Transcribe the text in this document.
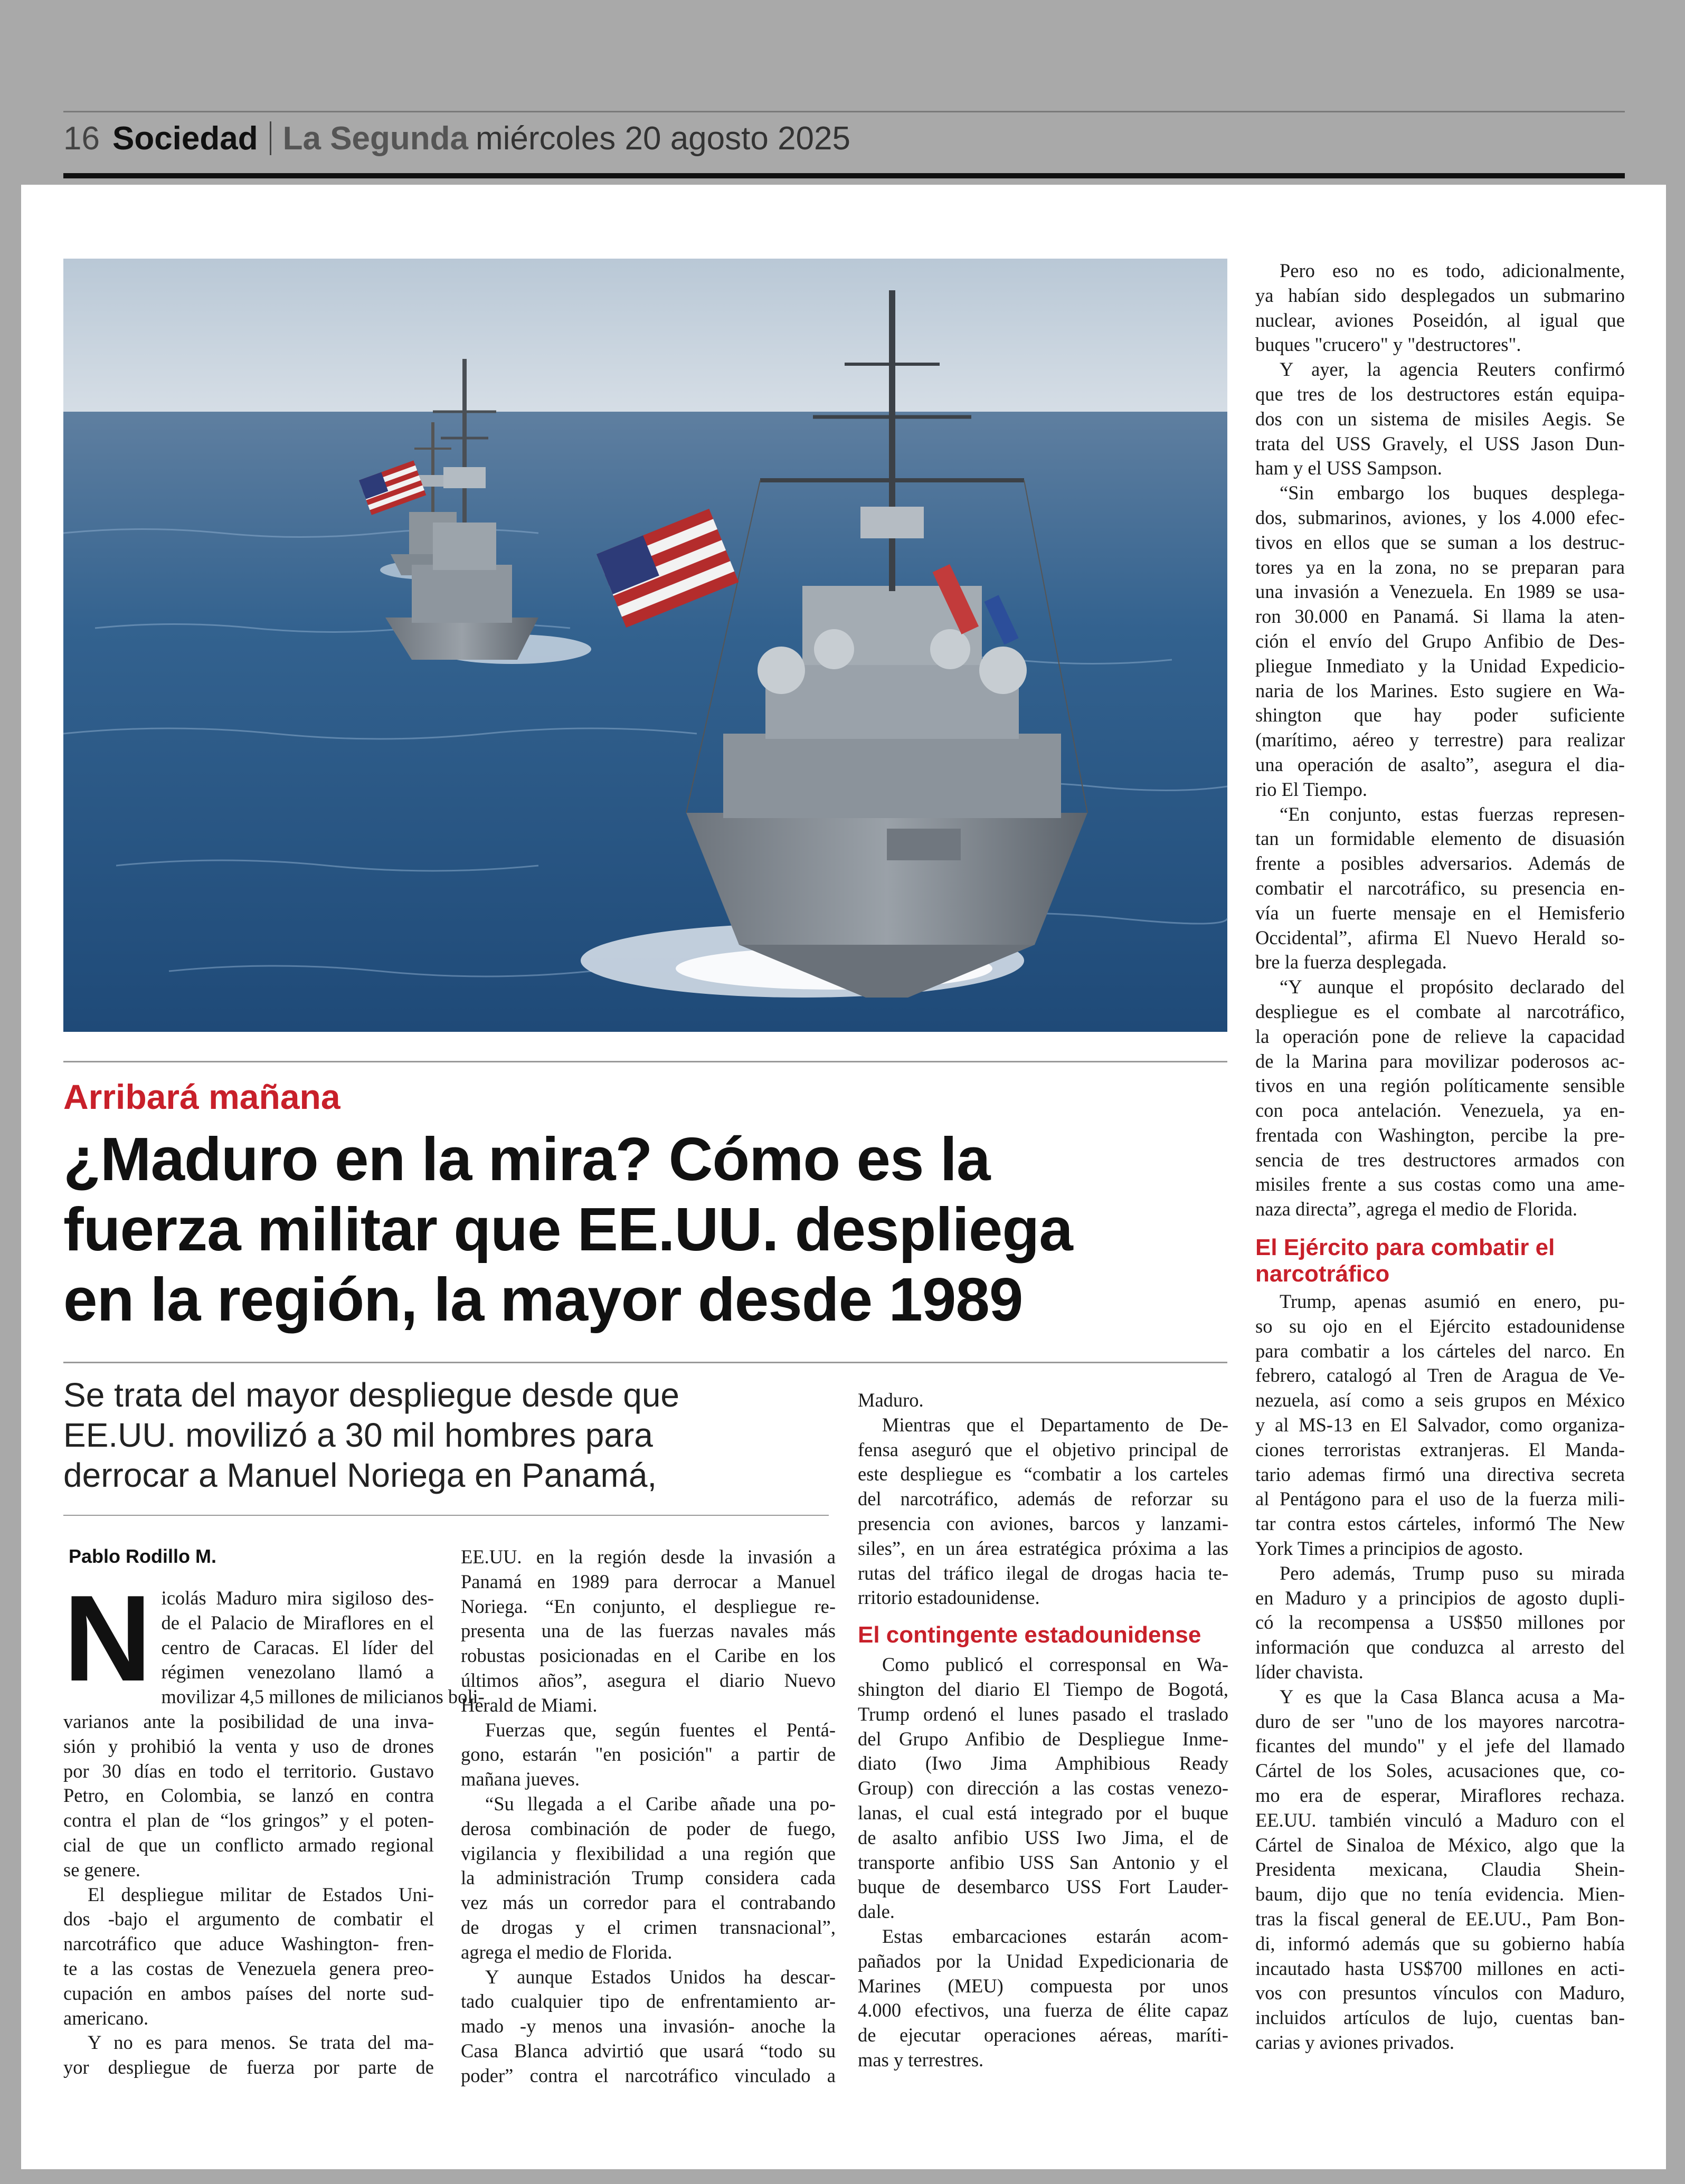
16 Sociedad La Segunda miércoles 20 agosto 2025
Arribará mañana
¿Maduro en la mira? Cómo es la
fuerza militar que EE.UU. despliega
en la región, la mayor desde 1989
Se trata del mayor despliegue desde que
EE.UU. movilizó a 30 mil hombres para
derrocar a Manuel Noriega en Panamá,
Pablo Rodillo M.
N icolás Maduro mira sigiloso des-
de el Palacio de Miraflores en el
centro de Caracas. El líder del
régimen venezolano llamó a
movilizar 4,5 millones de milicianos boli-
varianos ante la posibilidad de una inva-
sión y prohibió la venta y uso de drones
por 30 días en todo el territorio. Gustavo
Petro, en Colombia, se lanzó en contra
contra el plan de “los gringos” y el poten-
cial de que un conflicto armado regional
se genere.
El despliegue militar de Estados Uni-
dos -bajo el argumento de combatir el
narcotráfico que aduce Washington- fren-
te a las costas de Venezuela genera preo-
cupación en ambos países del norte sud-
americano.
Y no es para menos. Se trata del ma-
yor despliegue de fuerza por parte de
EE.UU. en la región desde la invasión a
Panamá en 1989 para derrocar a Manuel
Noriega. “En conjunto, el despliegue re-
presenta una de las fuerzas navales más
robustas posicionadas en el Caribe en los
últimos años”, asegura el diario Nuevo
Herald de Miami.
Fuerzas que, según fuentes el Pentá-
gono, estarán "en posición" a partir de
mañana jueves.
“Su llegada a el Caribe añade una po-
derosa combinación de poder de fuego,
vigilancia y flexibilidad a una región que
la administración Trump considera cada
vez más un corredor para el contrabando
de drogas y el crimen transnacional”,
agrega el medio de Florida.
Y aunque Estados Unidos ha descar-
tado cualquier tipo de enfrentamiento ar-
mado -y menos una invasión- anoche la
Casa Blanca advirtió que usará “todo su
poder” contra el narcotráfico vinculado a
Maduro.
Mientras que el Departamento de De-
fensa aseguró que el objetivo principal de
este despliegue es “combatir a los carteles
del narcotráfico, además de reforzar su
presencia con aviones, barcos y lanzami-
siles”, en un área estratégica próxima a las
rutas del tráfico ilegal de drogas hacia te-
rritorio estadounidense.
El contingente estadounidense
Como publicó el corresponsal en Wa-
shington del diario El Tiempo de Bogotá,
Trump ordenó el lunes pasado el traslado
del Grupo Anfibio de Despliegue Inme-
diato (Iwo Jima Amphibious Ready
Group) con dirección a las costas venezo-
lanas, el cual está integrado por el buque
de asalto anfibio USS Iwo Jima, el de
transporte anfibio USS San Antonio y el
buque de desembarco USS Fort Lauder-
dale.
Estas embarcaciones estarán acom-
pañados por la Unidad Expedicionaria de
Marines (MEU) compuesta por unos
4.000 efectivos, una fuerza de élite capaz
de ejecutar operaciones aéreas, maríti-
mas y terrestres.
Pero eso no es todo, adicionalmente,
ya habían sido desplegados un submarino
nuclear, aviones Poseidón, al igual que
buques "crucero" y "destructores".
Y ayer, la agencia Reuters confirmó
que tres de los destructores están equipa-
dos con un sistema de misiles Aegis. Se
trata del USS Gravely, el USS Jason Dun-
ham y el USS Sampson.
“Sin embargo los buques desplega-
dos, submarinos, aviones, y los 4.000 efec-
tivos en ellos que se suman a los destruc-
tores ya en la zona, no se preparan para
una invasión a Venezuela. En 1989 se usa-
ron 30.000 en Panamá. Si llama la aten-
ción el envío del Grupo Anfibio de Des-
pliegue Inmediato y la Unidad Expedicio-
naria de los Marines. Esto sugiere en Wa-
shington que hay poder suficiente
(marítimo, aéreo y terrestre) para realizar
una operación de asalto”, asegura el dia-
rio El Tiempo.
“En conjunto, estas fuerzas represen-
tan un formidable elemento de disuasión
frente a posibles adversarios. Además de
combatir el narcotráfico, su presencia en-
vía un fuerte mensaje en el Hemisferio
Occidental”, afirma El Nuevo Herald so-
bre la fuerza desplegada.
“Y aunque el propósito declarado del
despliegue es el combate al narcotráfico,
la operación pone de relieve la capacidad
de la Marina para movilizar poderosos ac-
tivos en una región políticamente sensible
con poca antelación. Venezuela, ya en-
frentada con Washington, percibe la pre-
sencia de tres destructores armados con
misiles frente a sus costas como una ame-
naza directa”, agrega el medio de Florida.
El Ejército para combatir el
narcotráfico
Trump, apenas asumió en enero, pu-
so su ojo en el Ejército estadounidense
para combatir a los cárteles del narco. En
febrero, catalogó al Tren de Aragua de Ve-
nezuela, así como a seis grupos en México
y al MS-13 en El Salvador, como organiza-
ciones terroristas extranjeras. El Manda-
tario ademas firmó una directiva secreta
al Pentágono para el uso de la fuerza mili-
tar contra estos cárteles, informó The New
York Times a principios de agosto.
Pero además, Trump puso su mirada
en Maduro y a principios de agosto dupli-
có la recompensa a US$50 millones por
información que conduzca al arresto del
líder chavista.
Y es que la Casa Blanca acusa a Ma-
duro de ser "uno de los mayores narcotra-
ficantes del mundo" y el jefe del llamado
Cártel de los Soles, acusaciones que, co-
mo era de esperar, Miraflores rechaza.
EE.UU. también vinculó a Maduro con el
Cártel de Sinaloa de México, algo que la
Presidenta mexicana, Claudia Shein-
baum, dijo que no tenía evidencia. Mien-
tras la fiscal general de EE.UU., Pam Bon-
di, informó además que su gobierno había
incautado hasta US$700 millones en acti-
vos con presuntos vínculos con Maduro,
incluidos artículos de lujo, cuentas ban-
carias y aviones privados.
